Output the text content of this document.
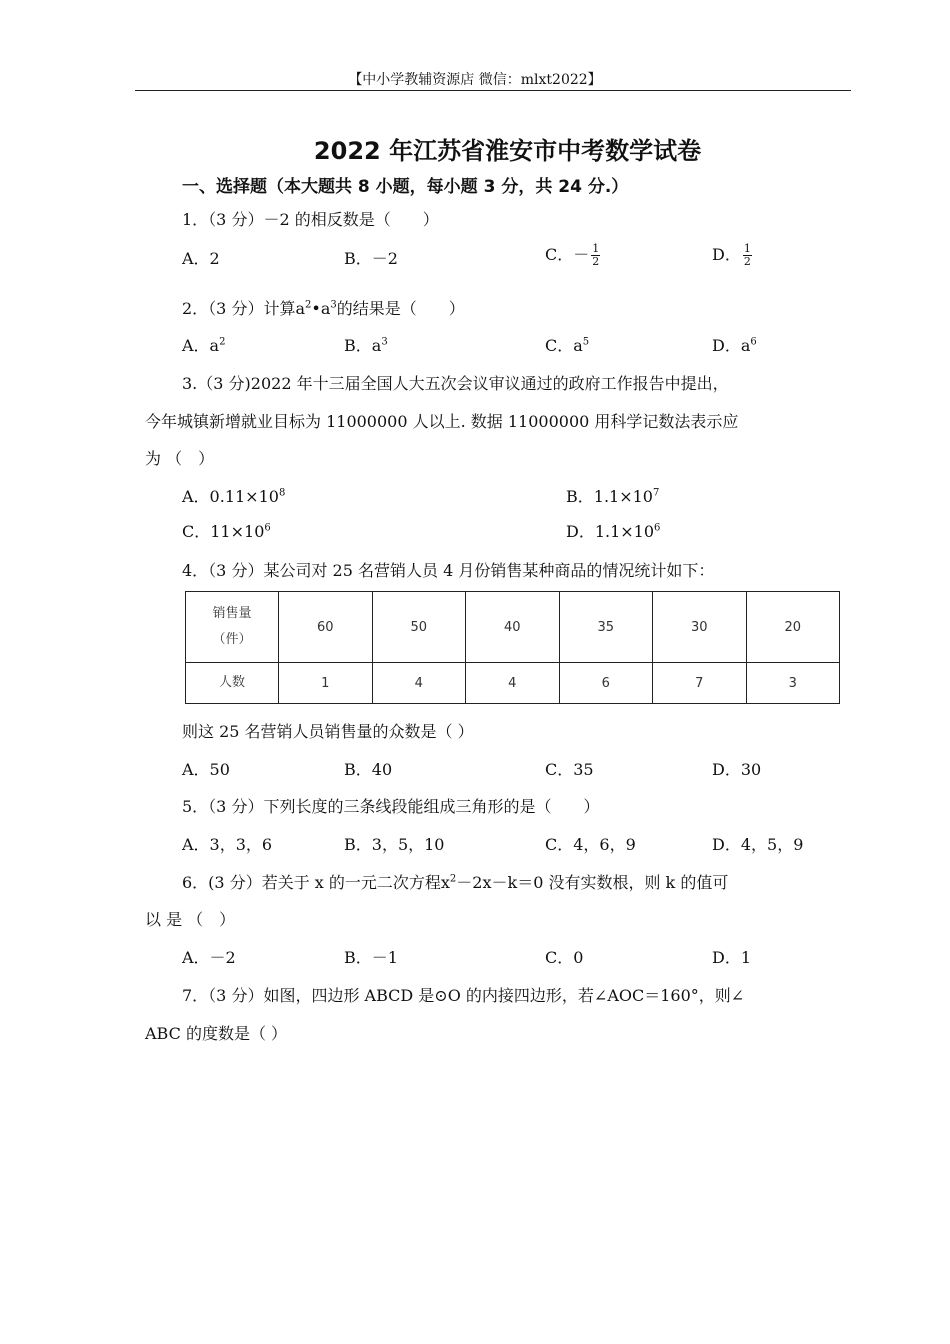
【中小学教辅资源店 微信：mlxt2022】
2022 年江苏省淮安市中考数学试卷
一、选择题（本大题共 8 小题，每小题 3 分，共 24 分.）
1．（3 分）－2 的相反数是（　　）
A．2	B．－2	C．－ $\frac{1}{2}$	D． $\frac{1}{2}$
2．（3 分）计算$a^2•a^3$的结果是（　　）
A．$a^2$	B．$a^3$	C．$a^5$	D．$a^6$
3.（3 分)2022 年十三届全国人大五次会议审议通过的政府工作报告中提出，
今年城镇新增就业目标为 11000000 人以上. 数据 11000000 用科学记数法表示应
为 （　）
A．$0.11\times 10^8$	B．$1.1\times 10^7$
C．$11\times 10^6$	D．$1.1\times 10^6$
4．（3 分）某公司对 25 名营销人员 4 月份销售某种商品的情况统计如下：
销售量
（件）	60	50	40	35	30	20
人数	1	4	4	6	7	3
则这 25 名营销人员销售量的众数是（ ）
A．50	B．40	C．35	D．30
5．（3 分）下列长度的三条线段能组成三角形的是（　　）
A．3，3，6	B．3，5，10	C．4，6，9	D．4，5，9
6．(3 分）若关于 x 的一元二次方程$x^2-2x-k=0$ 没有实数根，则 k 的值可
以 是 （　）
A．－2	B．－1	C．0	D．1
7．（3 分）如图，四边形 ABCD 是⊙O 的内接四边形，若∠AOC＝160°，则∠
ABC 的度数是（ ）
